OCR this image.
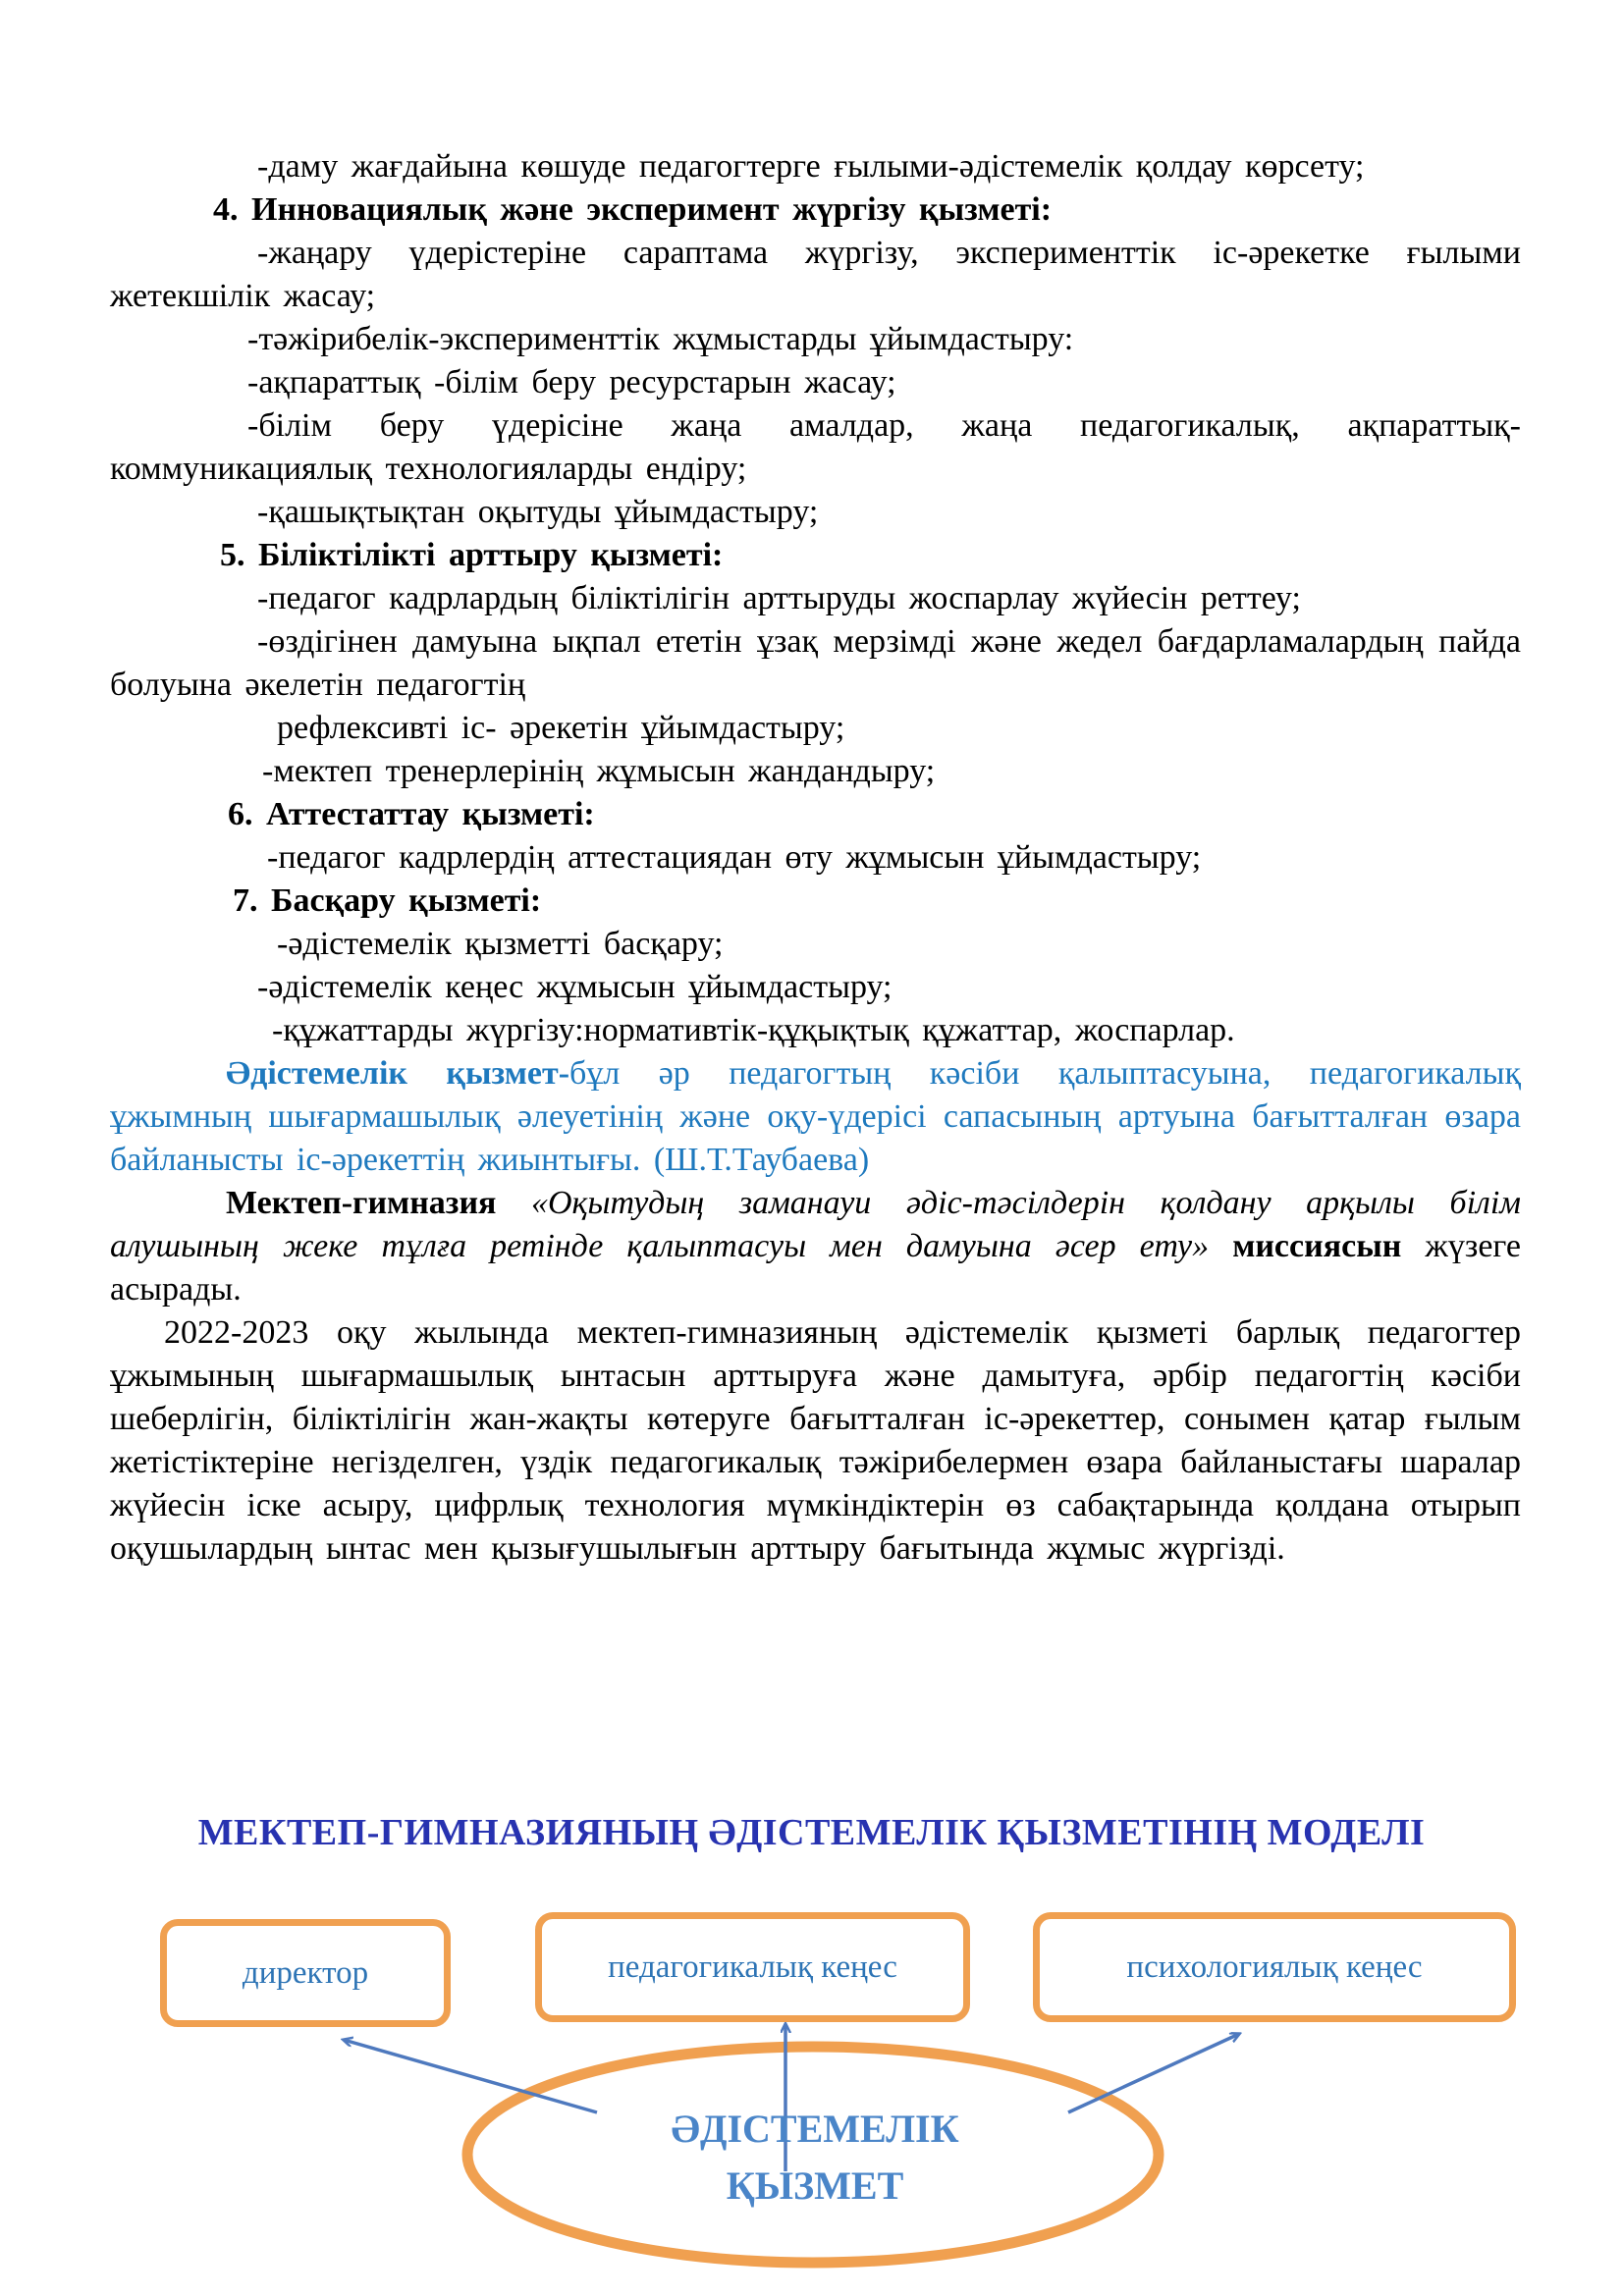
-даму жағдайына көшуде педагогтерге ғылыми-әдістемелік қолдау көрсету;
4. Инновациялық және эксперимент жүргізу қызметі:
-жаңару үдерістеріне сараптама жүргізу, эксперименттік іс-әрекетке ғылыми жетекшілік жасау;
-тәжірибелік-эксперименттік жұмыстарды ұйымдастыру:
-ақпараттық -білім беру ресурстарын жасау;
-білім беру үдерісіне жаңа амалдар, жаңа педагогикалық, ақпараттық-коммуникациялық технологияларды ендіру;
-қашықтықтан оқытуды ұйымдастыру;
5. Біліктілікті арттыру қызметі:
-педагог кадрлардың біліктілігін арттыруды жоспарлау жүйесін реттеу;
-өздігінен дамуына ықпал ететін ұзақ мерзімді және жедел бағдарламалардың пайда болуына әкелетін педагогтің
рефлексивті іс- әрекетін ұйымдастыру;
-мектеп тренерлерінің жұмысын жандандыру;
6. Аттестаттау қызметі:
-педагог кадрлердің аттестациядан өту жұмысын ұйымдастыру;
7. Басқару қызметі:
-әдістемелік қызметті басқару;
-әдістемелік кеңес жұмысын ұйымдастыру;
-құжаттарды жүргізу:нормативтік-құқықтық құжаттар, жоспарлар.
Әдістемелік қызмет-бұл әр педагогтың кәсіби қалыптасуына, педагогикалық ұжымның шығармашылық әлеуетінің және оқу-үдерісі сапасының артуына бағытталған өзара байланысты іс-әрекеттің жиынтығы. (Ш.Т.Таубаева)
Мектеп-гимназия «Оқытудың заманауи әдіс-тәсілдерін қолдану арқылы білім алушының жеке тұлға ретінде қалыптасуы мен дамуына әсер ету» миссиясын жүзеге асырады.
2022-2023 оқу жылында мектеп-гимназияның әдістемелік қызметі барлық педагогтер ұжымының шығармашылық ынтасын арттыруға және дамытуға, әрбір педагогтің кәсіби шеберлігін, біліктілігін жан-жақты көтеруге бағытталған іс-әрекеттер, сонымен қатар ғылым жетістіктеріне негізделген, үздік педагогикалық тәжірибелермен өзара байланыстағы шаралар жүйесін іске асыру, цифрлық технология мүмкіндіктерін өз сабақтарында қолдана отырып оқушылардың ынтас мен қызығушылығын арттыру бағытында жұмыс жүргізді.
МЕКТЕП-ГИМНАЗИЯНЫҢ ӘДІСТЕМЕЛІК ҚЫЗМЕТІНІҢ МОДЕЛІ
директор	педагогикалық кеңес	психологиялық кеңес
ӘДІСТЕМЕЛІК
ҚЫЗМЕТ
